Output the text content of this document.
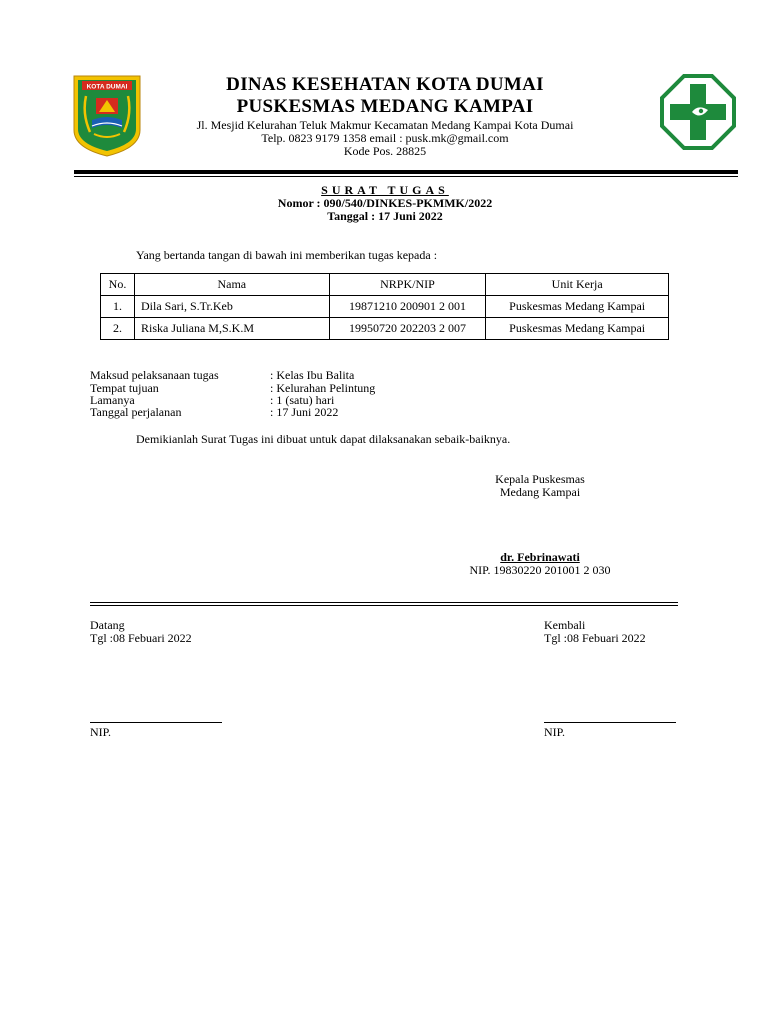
KOTA DUMAI	DINAS KESEHATAN KOTA DUMAI
PUSKESMAS MEDANG KAMPAI
Jl. Mesjid Kelurahan Teluk Makmur Kecamatan Medang Kampai Kota Dumai
Telp. 0823 9179 1358 email : pusk.mk@gmail.com
Kode Pos. 28825
SURAT TUGAS
Nomor : 090/540/DINKES-PKMMK/2022
Tanggal : 17 Juni 2022
Yang bertanda tangan di bawah ini memberikan tugas kepada :
No.	Nama	NRPK/NIP	Unit Kerja
1.	Dila Sari, S.Tr.Keb	19871210 200901 2 001	Puskesmas Medang Kampai
2.	Riska Juliana M,S.K.M	19950720 202203 2 007	Puskesmas Medang Kampai
Maksud pelaksanaan tugas	: Kelas Ibu Balita
Tempat tujuan	: Kelurahan Pelintung
Lamanya	: 1 (satu) hari
Tanggal perjalanan	: 17 Juni 2022
Demikianlah Surat Tugas ini dibuat untuk dapat dilaksanakan sebaik-baiknya.
Kepala Puskesmas
Medang Kampai
dr. Febrinawati
NIP. 19830220 201001 2 030
Datang
Tgl :08 Febuari 2022
Kembali
Tgl :08 Febuari 2022
NIP.	NIP.
